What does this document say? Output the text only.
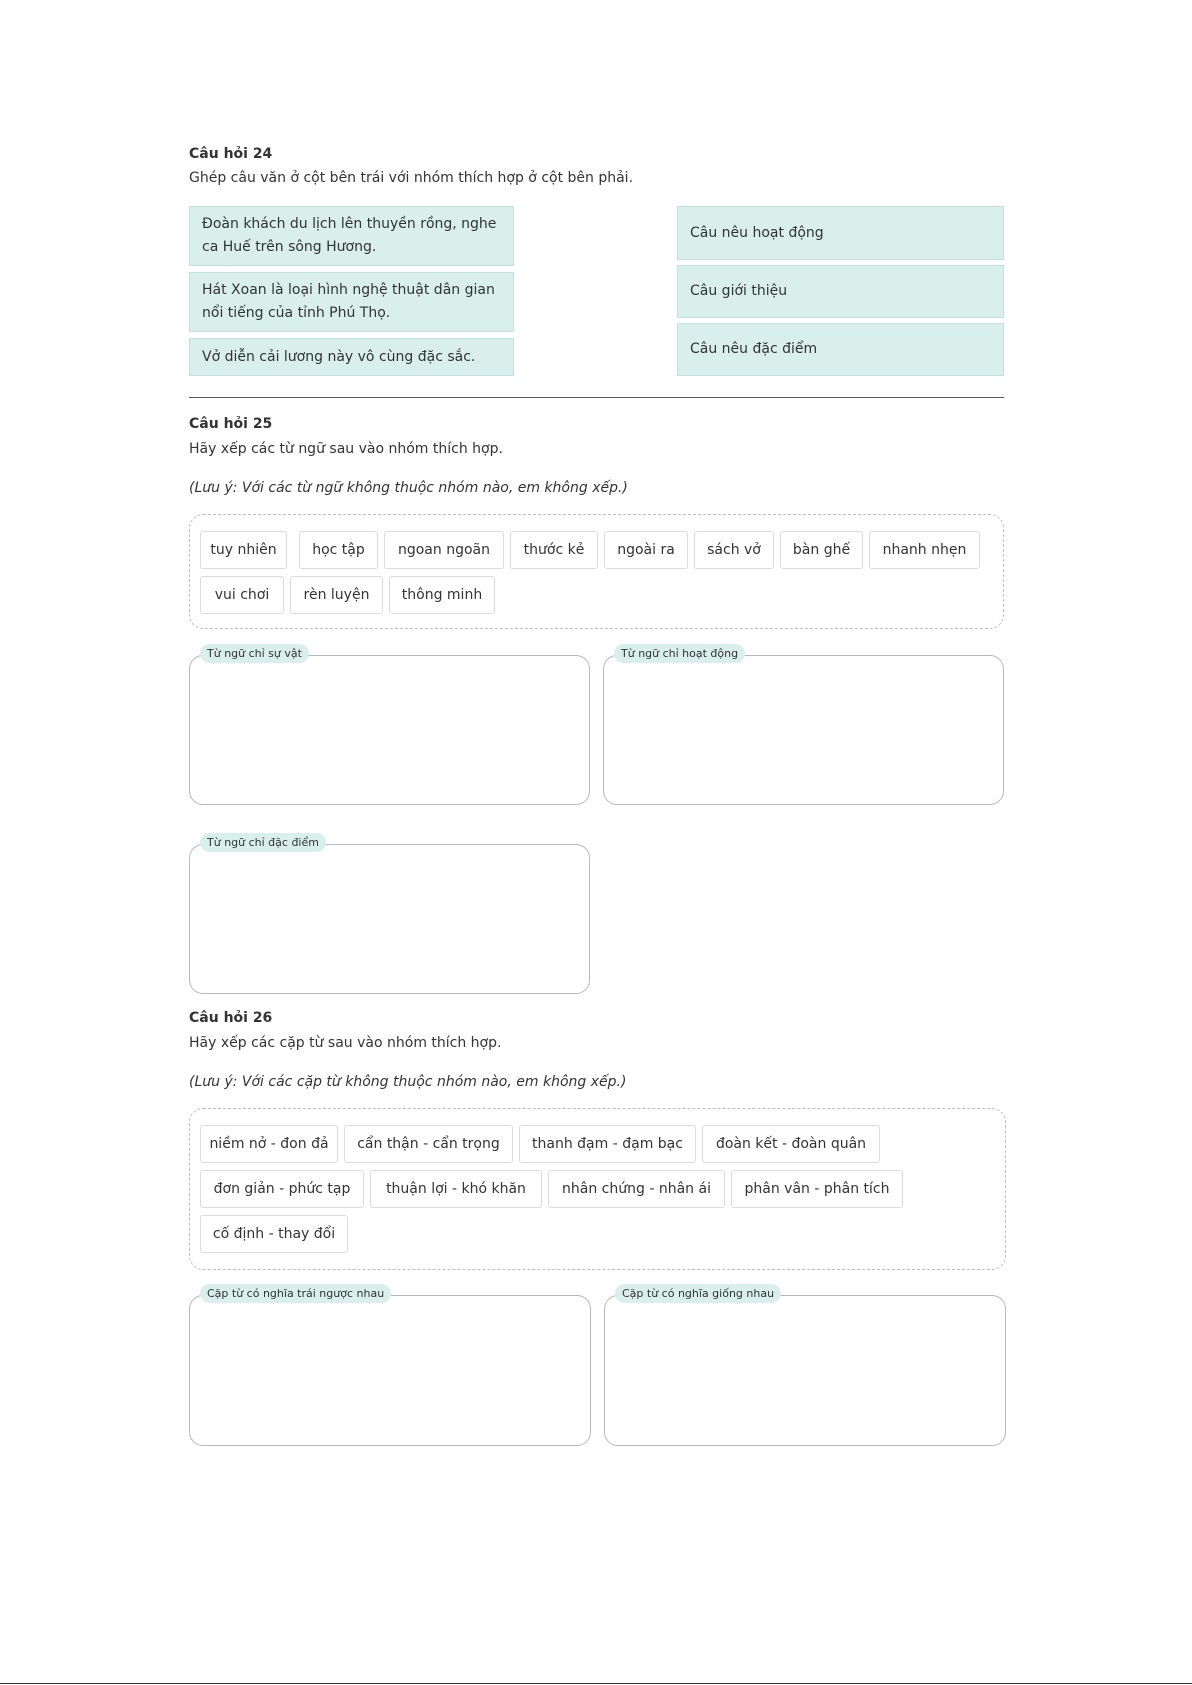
Câu hỏi 24
Ghép câu văn ở cột bên trái với nhóm thích hợp ở cột bên phải.
Đoàn khách du lịch lên thuyền rồng, nghe ca Huế trên sông Hương.
Hát Xoan là loại hình nghệ thuật dân gian nổi tiếng của tỉnh Phú Thọ.
Vở diễn cải lương này vô cùng đặc sắc.
Câu nêu hoạt động
Câu giới thiệu
Câu nêu đặc điểm
Câu hỏi 25
Hãy xếp các từ ngữ sau vào nhóm thích hợp.
(Lưu ý: Với các từ ngữ không thuộc nhóm nào, em không xếp.)
tuy nhiên	học tập	ngoan ngoãn	thước kẻ	ngoài ra	sách vở	bàn ghế	nhanh nhẹn
vui chơi	rèn luyện	thông minh
Từ ngữ chỉ sự vật	Từ ngữ chỉ hoạt động
Từ ngữ chỉ đặc điểm
Câu hỏi 26
Hãy xếp các cặp từ sau vào nhóm thích hợp.
(Lưu ý: Với các cặp từ không thuộc nhóm nào, em không xếp.)
niềm nở - đon đả	cẩn thận - cẩn trọng	thanh đạm - đạm bạc	đoàn kết - đoàn quân
đơn giản - phức tạp	thuận lợi - khó khăn	nhân chứng - nhân ái	phân vân - phân tích
cố định - thay đổi
Cặp từ có nghĩa trái ngược nhau	Cặp từ có nghĩa giống nhau
